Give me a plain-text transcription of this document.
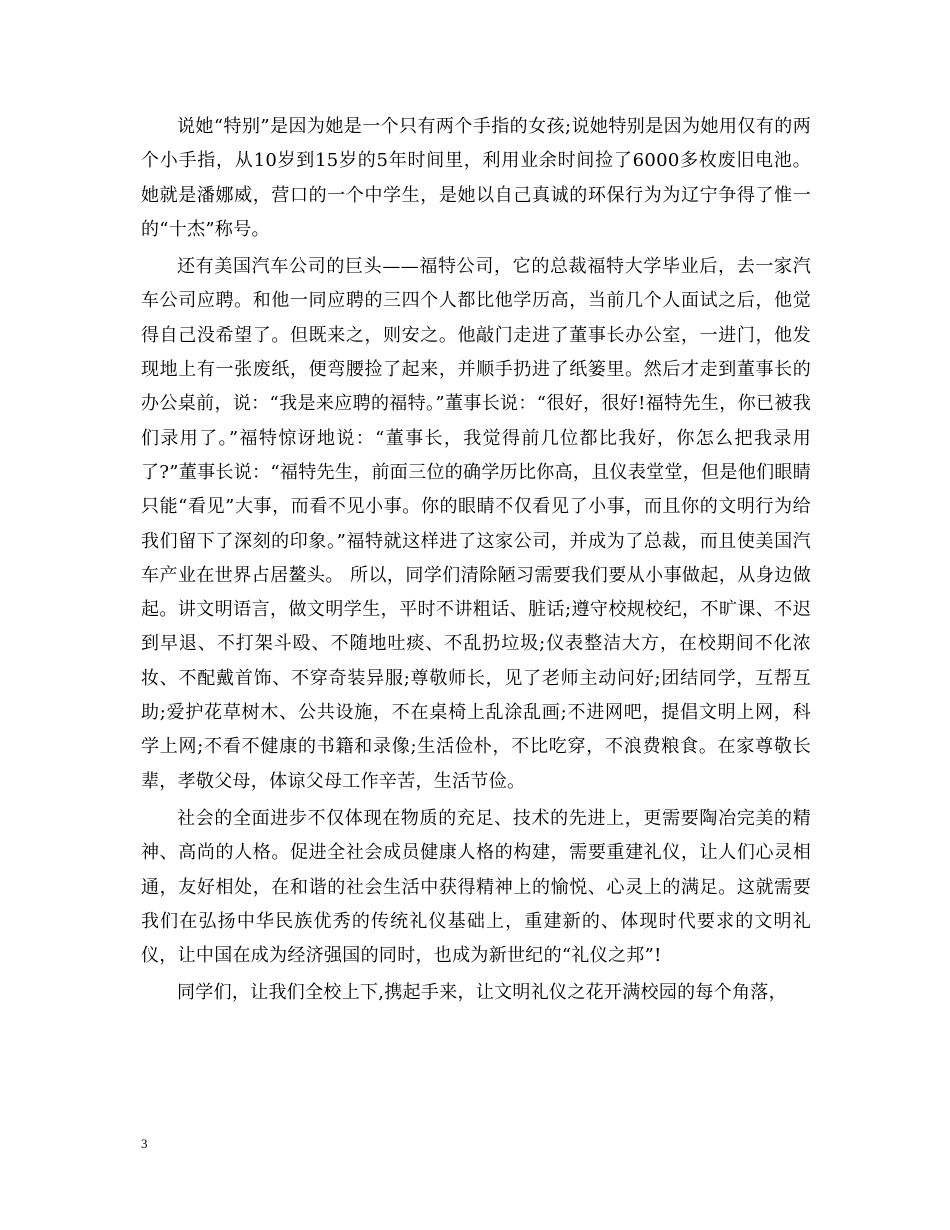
说她“特别”是因为她是一个只有两个手指的女孩;说她特别是因为她用仅有的两个小手指，从10岁到15岁的5年时间里，利用业余时间捡了6000多枚废旧电池。她就是潘娜威，营口的一个中学生，是她以自己真诚的环保行为为辽宁争得了惟一的“十杰”称号。

还有美国汽车公司的巨头——福特公司，它的总裁福特大学毕业后，去一家汽车公司应聘。和他一同应聘的三四个人都比他学历高，当前几个人面试之后，他觉得自己没希望了。但既来之，则安之。他敲门走进了董事长办公室，一进门，他发现地上有一张废纸，便弯腰捡了起来，并顺手扔进了纸篓里。然后才走到董事长的办公桌前，说：“我是来应聘的福特。”董事长说：“很好，很好!福特先生，你已被我们录用了。”福特惊讶地说：“董事长，我觉得前几位都比我好，你怎么把我录用了?”董事长说：“福特先生，前面三位的确学历比你高，且仪表堂堂，但是他们眼睛只能“看见”大事，而看不见小事。你的眼睛不仅看见了小事，而且你的文明行为给我们留下了深刻的印象。”福特就这样进了这家公司，并成为了总裁，而且使美国汽车产业在世界占居鳌头。 所以，同学们清除陋习需要我们要从小事做起，从身边做起。讲文明语言，做文明学生，平时不讲粗话、脏话;遵守校规校纪，不旷课、不迟到早退、不打架斗殴、不随地吐痰、不乱扔垃圾;仪表整洁大方，在校期间不化浓妆、不配戴首饰、不穿奇装异服;尊敬师长，见了老师主动问好;团结同学，互帮互助;爱护花草树木、公共设施，不在桌椅上乱涂乱画;不进网吧，提倡文明上网，科学上网;不看不健康的书籍和录像;生活俭朴，不比吃穿，不浪费粮食。在家尊敬长辈，孝敬父母，体谅父母工作辛苦，生活节俭。

社会的全面进步不仅体现在物质的充足、技术的先进上，更需要陶冶完美的精神、高尚的人格。促进全社会成员健康人格的构建，需要重建礼仪，让人们心灵相通，友好相处，在和谐的社会生活中获得精神上的愉悦、心灵上的满足。这就需要我们在弘扬中华民族优秀的传统礼仪基础上，重建新的、体现时代要求的文明礼仪，让中国在成为经济强国的同时，也成为新世纪的“礼仪之邦”!

同学们，让我们全校上下,携起手来，让文明礼仪之花开满校园的每个角落，

3
